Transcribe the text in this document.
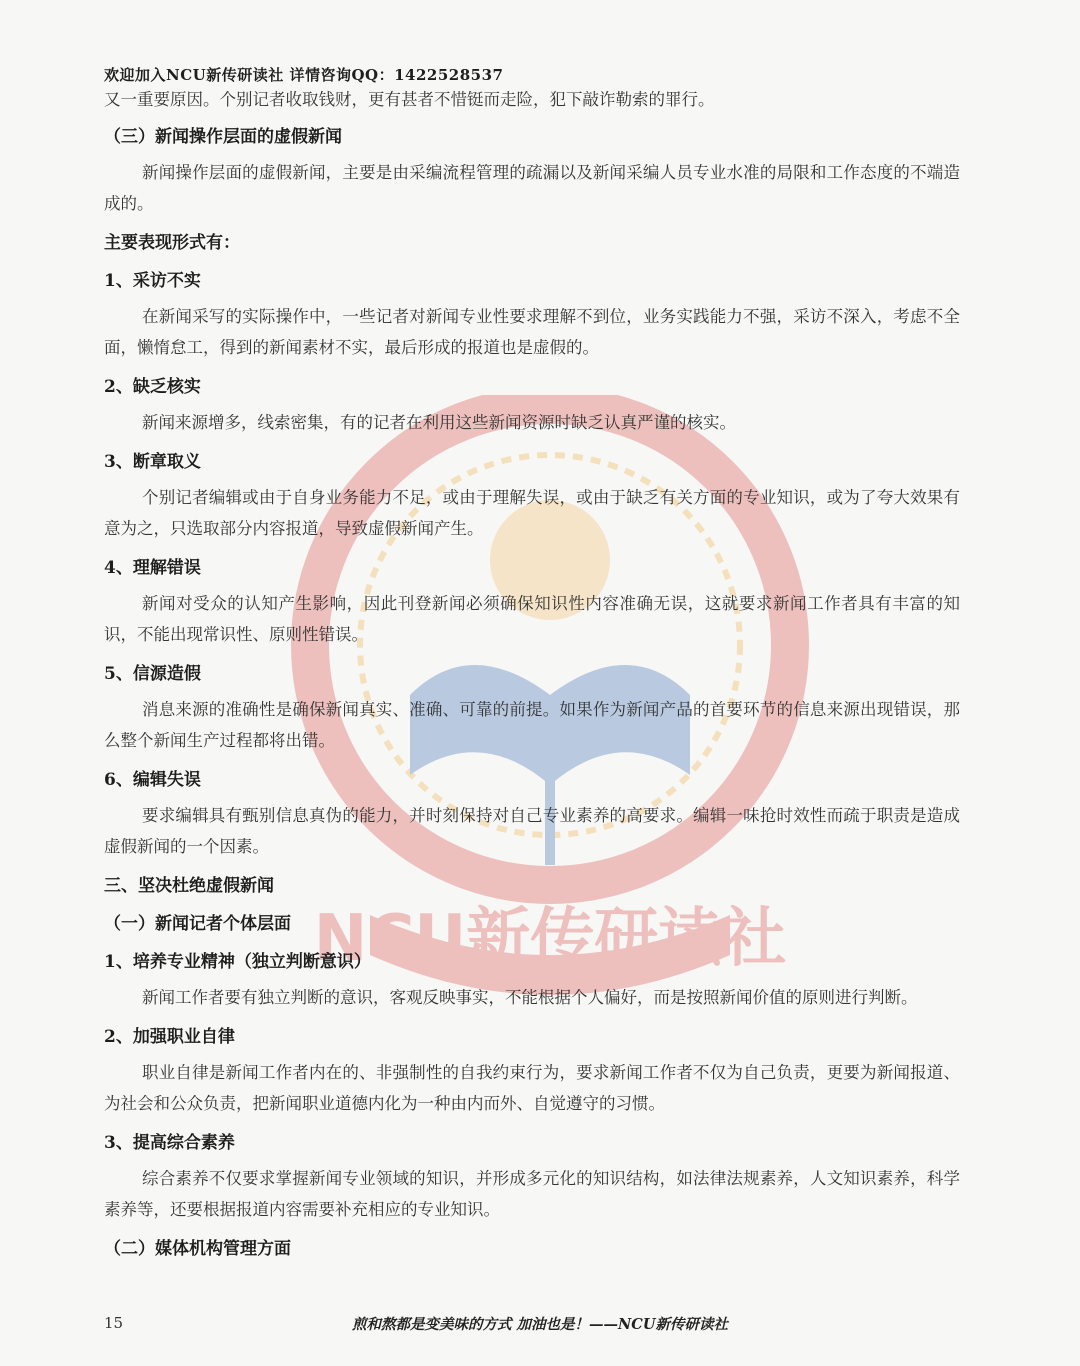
NCU新传研读社
欢迎加入NCU新传研读社 详情咨询QQ：1422528537
又一重要原因。个别记者收取钱财，更有甚者不惜铤而走险，犯下敲诈勒索的罪行。
（三）新闻操作层面的虚假新闻
新闻操作层面的虚假新闻，主要是由采编流程管理的疏漏以及新闻采编人员专业水准的局限和工作态度的不端造成的。
主要表现形式有：
1、采访不实
在新闻采写的实际操作中，一些记者对新闻专业性要求理解不到位，业务实践能力不强，采访不深入，考虑不全面，懒惰怠工，得到的新闻素材不实，最后形成的报道也是虚假的。
2、缺乏核实
新闻来源增多，线索密集，有的记者在利用这些新闻资源时缺乏认真严谨的核实。
3、断章取义
个别记者编辑或由于自身业务能力不足，或由于理解失误，或由于缺乏有关方面的专业知识，或为了夸大效果有意为之，只选取部分内容报道，导致虚假新闻产生。
4、理解错误
新闻对受众的认知产生影响，因此刊登新闻必须确保知识性内容准确无误，这就要求新闻工作者具有丰富的知识，不能出现常识性、原则性错误。
5、信源造假
消息来源的准确性是确保新闻真实、准确、可靠的前提。如果作为新闻产品的首要环节的信息来源出现错误，那么整个新闻生产过程都将出错。
6、编辑失误
要求编辑具有甄别信息真伪的能力，并时刻保持对自己专业素养的高要求。编辑一味抢时效性而疏于职责是造成虚假新闻的一个因素。
三、坚决杜绝虚假新闻
（一）新闻记者个体层面
1、培养专业精神（独立判断意识）
新闻工作者要有独立判断的意识，客观反映事实，不能根据个人偏好，而是按照新闻价值的原则进行判断。
2、加强职业自律
职业自律是新闻工作者内在的、非强制性的自我约束行为，要求新闻工作者不仅为自己负责，更要为新闻报道、为社会和公众负责，把新闻职业道德内化为一种由内而外、自觉遵守的习惯。
3、提高综合素养
综合素养不仅要求掌握新闻专业领域的知识，并形成多元化的知识结构，如法律法规素养，人文知识素养，科学素养等，还要根据报道内容需要补充相应的专业知识。
（二）媒体机构管理方面
15	煎和熬都是变美味的方式 加油也是！——NCU新传研读社
